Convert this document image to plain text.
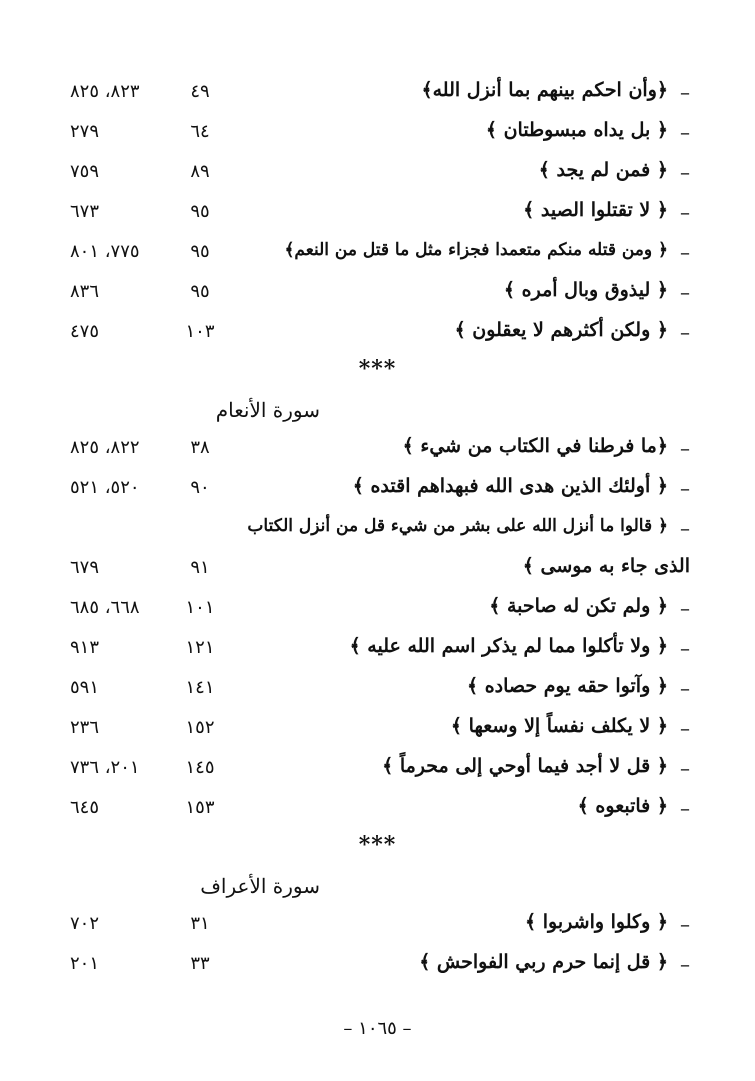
–
﴿وأن احكم بينهم بما أنزل الله﴾
٤٩
٨٢٣، ٨٢٥
–
﴿ بل يداه مبسوطتان ﴾
٦٤
٢٧٩
–
﴿ فمن لم يجد ﴾
٨٩
٧٥٩
–
﴿ لا تقتلوا الصيد ﴾
٩٥
٦٧٣
–
﴿ ومن قتله منكم متعمدا فجزاء مثل ما قتل من النعم﴾
٩٥
٧٧٥، ٨٠١
–
﴿ ليذوق وبال أمره ﴾
٩٥
٨٣٦
–
﴿ ولكن أكثرهم لا يعقلون ﴾
١٠٣
٤٧٥
***
سورة الأنعام
–
﴿ما فرطنا في الكتاب من شيء ﴾
٣٨
٨٢٢، ٨٢٥
–
﴿ أولئك الذين هدى الله فبهداهم اقتده ﴾
٩٠
٥٢٠، ٥٢١
–
﴿ قالوا ما أنزل الله على بشر من شيء قل من أنزل الكتاب
الذى جاء به موسى ﴾
٩١
٦٧٩
–
﴿ ولم تكن له صاحبة ﴾
١٠١
٦٦٨، ٦٨٥
–
﴿ ولا تأكلوا مما لم يذكر اسم الله عليه ﴾
١٢١
٩١٣
–
﴿ وآتوا حقه يوم حصاده ﴾
١٤١
٥٩١
–
﴿ لا يكلف نفساً إلا وسعها ﴾
١٥٢
٢٣٦
–
﴿ قل لا أجد فيما أوحي إلى محرماً ﴾
١٤٥
٢٠١، ٧٣٦
–
﴿ فاتبعوه ﴾
١٥٣
٦٤٥
***
سورة الأعراف
–
﴿ وكلوا واشربوا ﴾
٣١
٧٠٢
–
﴿ قل إنما حرم ربي الفواحش ﴾
٣٣
٢٠١
– ١٠٦٥ –
